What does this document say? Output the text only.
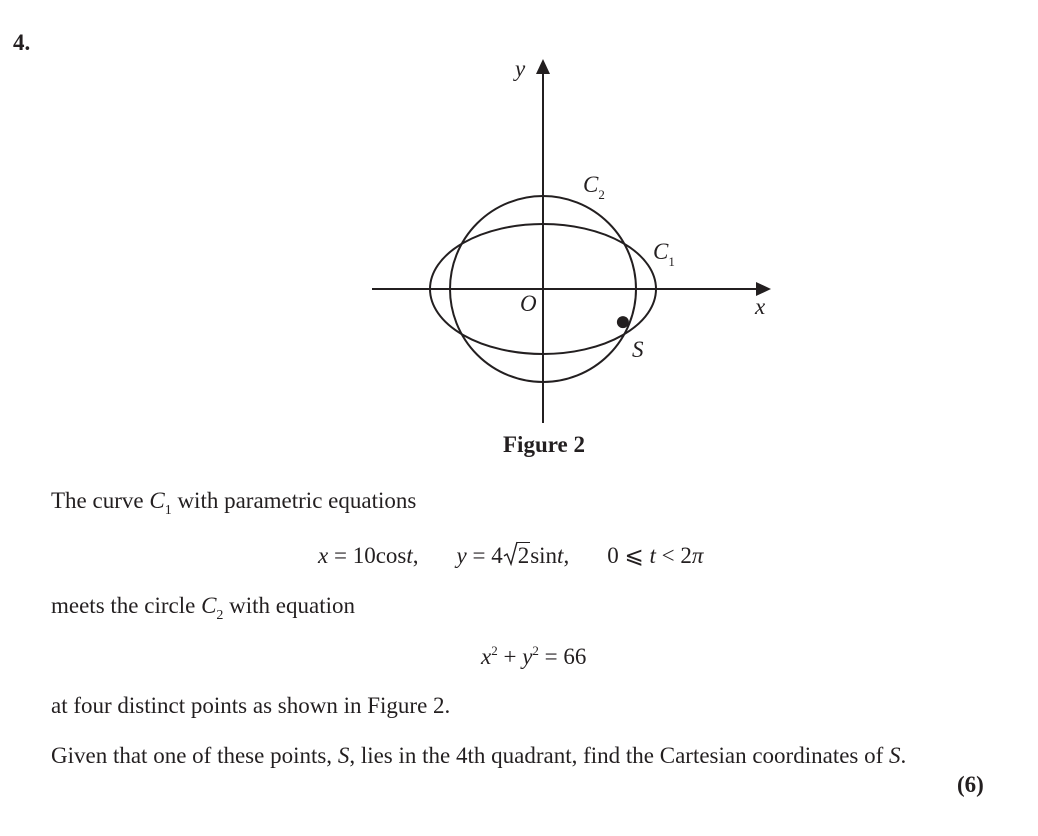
4.
y
x
O
$C_2$
$C_1$
S
Figure 2
The curve $C_1$ with parametric equations
x = 10cost, y = 4 2sint, 0 ⩽ t < 2π
meets the circle $C_2$ with equation
$x^2 + y^2 = 66$
at four distinct points as shown in Figure 2.
Given that one of these points, S, lies in the 4th quadrant, find the Cartesian coordinates of S.
(6)
